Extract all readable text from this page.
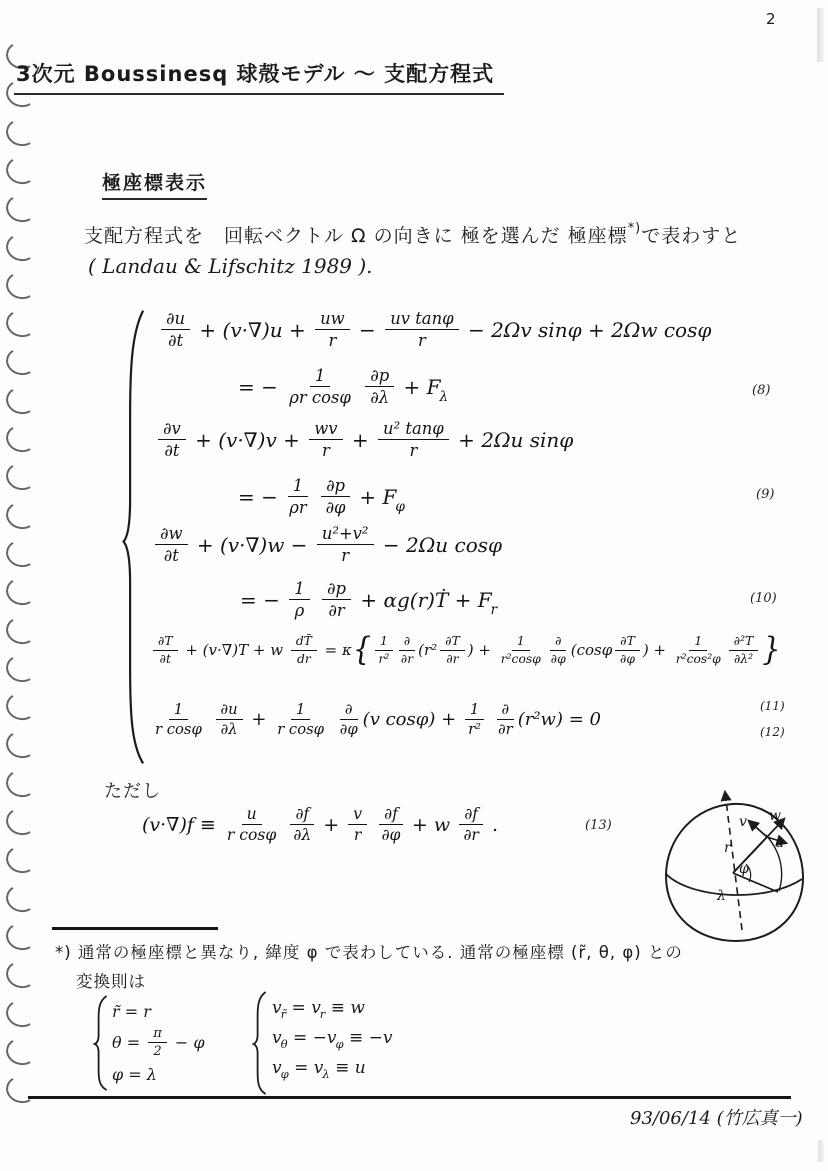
2
3次元 Boussinesq 球殻モデル 〜 支配方程式
極座標表示
支配方程式を　回転ベクトル Ω の向きに 極を選んだ 極座標*) で表わすと
( Landau & Lifschitz 1989 ).
$\frac{\partial u}{\partial t} + (v\cdot\nabla)u + \frac{uw}{r} - \frac{\text{uv tanφ}}{r} - 2\Omega v$ sinφ + 2Ωw cosφ
= − $\frac{1}{\text{ρr cosφ}}$
$\frac{\partial p}{\partial\lambda} + F_\lambda$	(8)
$\frac{\partial v}{\partial t} + (v\cdot\nabla)v + \frac{wv}{r} + \frac{\text{u² tanφ}}{r} + 2\Omega u$ sinφ
= − $\frac{1}{\rho r}$
$\frac{\partial p}{\partial\varphi} + F_\varphi$
(9)
$\frac{\partial w}{\partial t} + (v\cdot\nabla)w - \frac{\text{u²+v²}}{r} - 2\Omega u$ cosφ
= − $\frac{1}{\rho}$
$\frac{\partial p}{\partial r}$ + αg(r)Ṫ + $F_r$
(10)
$\frac{\partial T}{\partial t} + (v\cdot\nabla)T + w \frac{dT̄}{dr} = \kappa$ { $\frac{1}{\text{r²}} \frac{\partial}{\partial r} (r^2 \frac{\partial T}{\partial r}$ ) + $\frac{1}{\text{r²cosφ}} \frac{\partial}{\partial\varphi} (\cos\varphi \frac{\partial T}{\partial\varphi}$ ) + $\frac{1}{\text{r²cos²φ}} \frac{\text{∂²T}}{\text{∂λ²}}$ }
(11)
$\frac{1}{\text{r cosφ}}$
$\frac{\partial u}{\partial\lambda} + \frac{1}{\text{r cosφ}}$
$\frac{\partial}{\partial\varphi} (v$ $\cos\varphi) + \frac{1}{\text{r²}}$
$\frac{\partial}{\partial r} (r^2w) = 0$
(12)
ただし
$(v\cdot\nabla)f \equiv \frac{u}{\text{r cosφ}}$
$\frac{\partial f}{\partial\lambda} + \frac{v}{r}$
$\frac{\partial f}{\partial\varphi} + w \frac{\partial f}{\partial r}$ .	(13)
r
φ
λ
v w
u
*) 通常の極座標と異なり, 緯度 φ で表わしている. 通常の極座標 (r̃, θ, φ) との
変換則は
r̃ = r
$\theta = \frac{\pi}{2} - \varphi$
φ = λ
$v_{r̃} = v_r \equiv w$
$v_\theta = -v_\varphi \equiv -v$
$v_\varphi = v_\lambda \equiv u$
93/06/14 (竹広真一)
